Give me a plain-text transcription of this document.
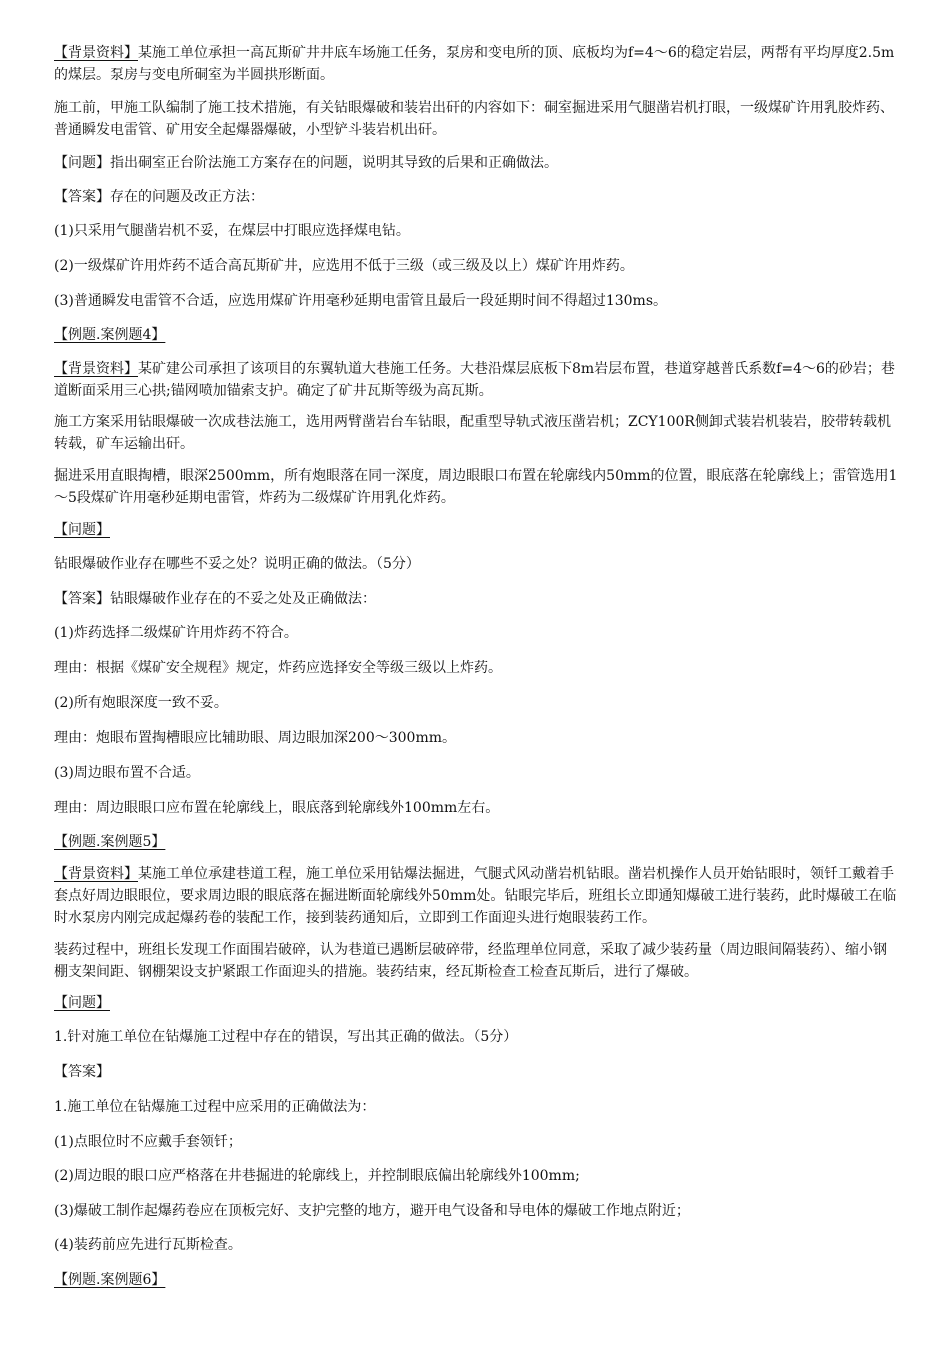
【背景资料】某施工单位承担一高瓦斯矿井井底车场施工任务，泵房和变电所的顶、底板均为f=4～6的稳定岩层，两帮有平均厚度2.5m的煤层。泵房与变电所硐室为半圆拱形断面。

施工前，甲施工队编制了施工技术措施，有关钻眼爆破和装岩出矸的内容如下：硐室掘进采用气腿凿岩机打眼，一级煤矿许用乳胶炸药、普通瞬发电雷管、矿用安全起爆器爆破，小型铲斗装岩机出矸。

【问题】指出硐室正台阶法施工方案存在的问题，说明其导致的后果和正确做法。

【答案】存在的问题及改正方法：

(1)只采用气腿凿岩机不妥，在煤层中打眼应选择煤电钻。

(2)一级煤矿许用炸药不适合高瓦斯矿井，应选用不低于三级（或三级及以上）煤矿许用炸药。

(3)普通瞬发电雷管不合适，应选用煤矿许用毫秒延期电雷管且最后一段延期时间不得超过130ms。

【例题.案例题4】

【背景资料】某矿建公司承担了该项目的东翼轨道大巷施工任务。大巷沿煤层底板下8m岩层布置，巷道穿越普氏系数f=4～6的砂岩；巷道断面采用三心拱;锚网喷加锚索支护。确定了矿井瓦斯等级为高瓦斯。

施工方案采用钻眼爆破一次成巷法施工，选用两臂凿岩台车钻眼，配重型导轨式液压凿岩机；ZCY100R侧卸式装岩机装岩，胶带转载机转载，矿车运输出矸。

掘进采用直眼掏槽，眼深2500mm，所有炮眼落在同一深度，周边眼眼口布置在轮廓线内50mm的位置，眼底落在轮廓线上；雷管选用1～5段煤矿许用毫秒延期电雷管，炸药为二级煤矿许用乳化炸药。

【问题】

钻眼爆破作业存在哪些不妥之处？说明正确的做法。（5分）

【答案】钻眼爆破作业存在的不妥之处及正确做法：

(1)炸药选择二级煤矿许用炸药不符合。

理由：根据《煤矿安全规程》规定，炸药应选择安全等级三级以上炸药。

(2)所有炮眼深度一致不妥。

理由：炮眼布置掏槽眼应比辅助眼、周边眼加深200～300mm。

(3)周边眼布置不合适。

理由：周边眼眼口应布置在轮廓线上，眼底落到轮廓线外100mm左右。

【例题.案例题5】

【背景资料】某施工单位承建巷道工程，施工单位采用钻爆法掘进，气腿式风动凿岩机钻眼。凿岩机操作人员开始钻眼时，领钎工戴着手套点好周边眼眼位，要求周边眼的眼底落在掘进断面轮廓线外50mm处。钻眼完毕后，班组长立即通知爆破工进行装药，此时爆破工在临时水泵房内刚完成起爆药卷的装配工作，接到装药通知后，立即到工作面迎头进行炮眼装药工作。

装药过程中，班组长发现工作面围岩破碎，认为巷道已遇断层破碎带，经监理单位同意，采取了减少装药量（周边眼间隔装药）、缩小钢棚支架间距、钢棚架设支护紧跟工作面迎头的措施。装药结束，经瓦斯检查工检查瓦斯后，进行了爆破。

【问题】

1.针对施工单位在钻爆施工过程中存在的错误，写出其正确的做法。（5分）

【答案】

1.施工单位在钻爆施工过程中应采用的正确做法为：

(1)点眼位时不应戴手套领钎；

(2)周边眼的眼口应严格落在井巷掘进的轮廓线上，并控制眼底偏出轮廓线外100mm;

(3)爆破工制作起爆药卷应在顶板完好、支护完整的地方，避开电气设备和导电体的爆破工作地点附近；

(4)装药前应先进行瓦斯检查。

【例题.案例题6】
